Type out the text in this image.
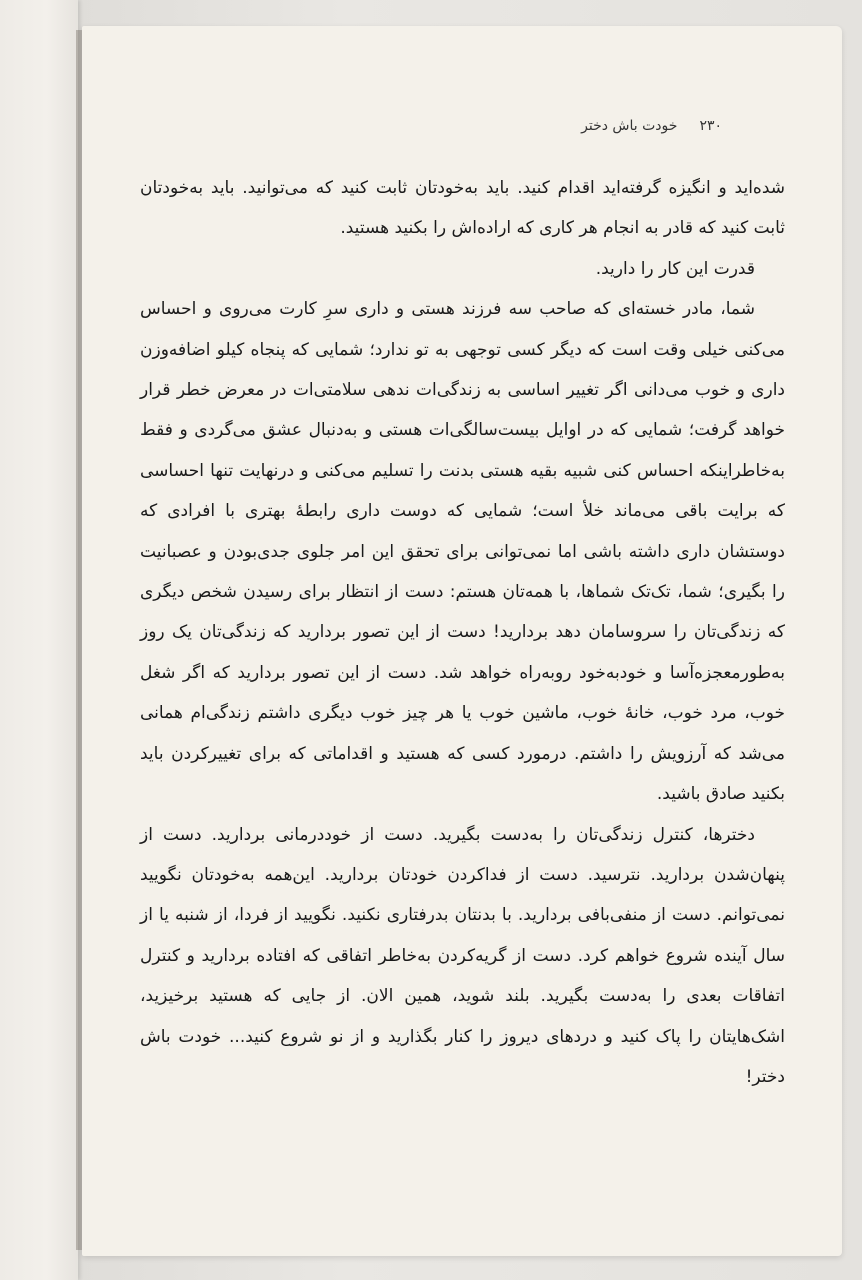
۲۳۰
خودت باش دختر

شده‌اید و انگیزه گرفته‌اید اقدام کنید. باید به‌خودتان ثابت کنید که می‌توانید. باید به‌خودتان ثابت کنید که قادر به انجام هر کاری که اراده‌اش را بکنید هستید.

قدرت این کار را دارید.

شما، مادر خسته‌ای که صاحب سه فرزند هستی و داری سرِ کارت می‌روی و احساس می‌کنی خیلی وقت است که دیگر کسی توجهی به تو ندارد؛ شمایی که پنجاه کیلو اضافه‌وزن داری و خوب می‌دانی اگر تغییر اساسی به زندگی‌ات ندهی سلامتی‌ات در معرض خطر قرار خواهد گرفت؛ شمایی که در اوایل بیست‌سالگی‌ات هستی و به‌دنبال عشق می‌گردی و فقط به‌خاطراینکه احساس کنی شبیه بقیه هستی بدنت را تسلیم می‌کنی و درنهایت تنها احساسی که برایت باقی می‌ماند خلأ است؛ شمایی که دوست داری رابطهٔ بهتری با افرادی که دوستشان داری داشته باشی اما نمی‌توانی برای تحقق این امر جلوی جدی‌بودن و عصبانیت را بگیری؛ شما، تک‌تک شماها، با همه‌تان هستم: دست از انتظار برای رسیدن شخص دیگری که زندگی‌تان را سروسامان دهد بردارید! دست از این تصور بردارید که زندگی‌تان یک روز به‌طورمعجزه‌آسا و خودبه‌خود روبه‌راه خواهد شد. دست از این تصور بردارید که اگر شغل خوب، مرد خوب، خانهٔ خوب، ماشین خوب یا هر چیز خوب دیگری داشتم زندگی‌ام همانی می‌شد که آرزویش را داشتم. درمورد کسی که هستید و اقداماتی که برای تغییرکردن باید بکنید صادق باشید.

دخترها، کنترل زندگی‌تان را به‌دست بگیرید. دست از خوددرمانی بردارید. دست از پنهان‌شدن بردارید. نترسید. دست از فداکردن خودتان بردارید. این‌همه به‌خودتان نگویید نمی‌توانم. دست از منفی‌بافی بردارید. با بدنتان بدرفتاری نکنید. نگویید از فردا، از شنبه یا از سال آینده شروع خواهم کرد. دست از گریه‌کردن به‌خاطر اتفاقی که افتاده بردارید و کنترل اتفاقات بعدی را به‌دست بگیرید. بلند شوید، همین الان. از جایی که هستید برخیزید، اشک‌هایتان را پاک کنید و دردهای دیروز را کنار بگذارید و از نو شروع کنید... خودت باش دختر!
